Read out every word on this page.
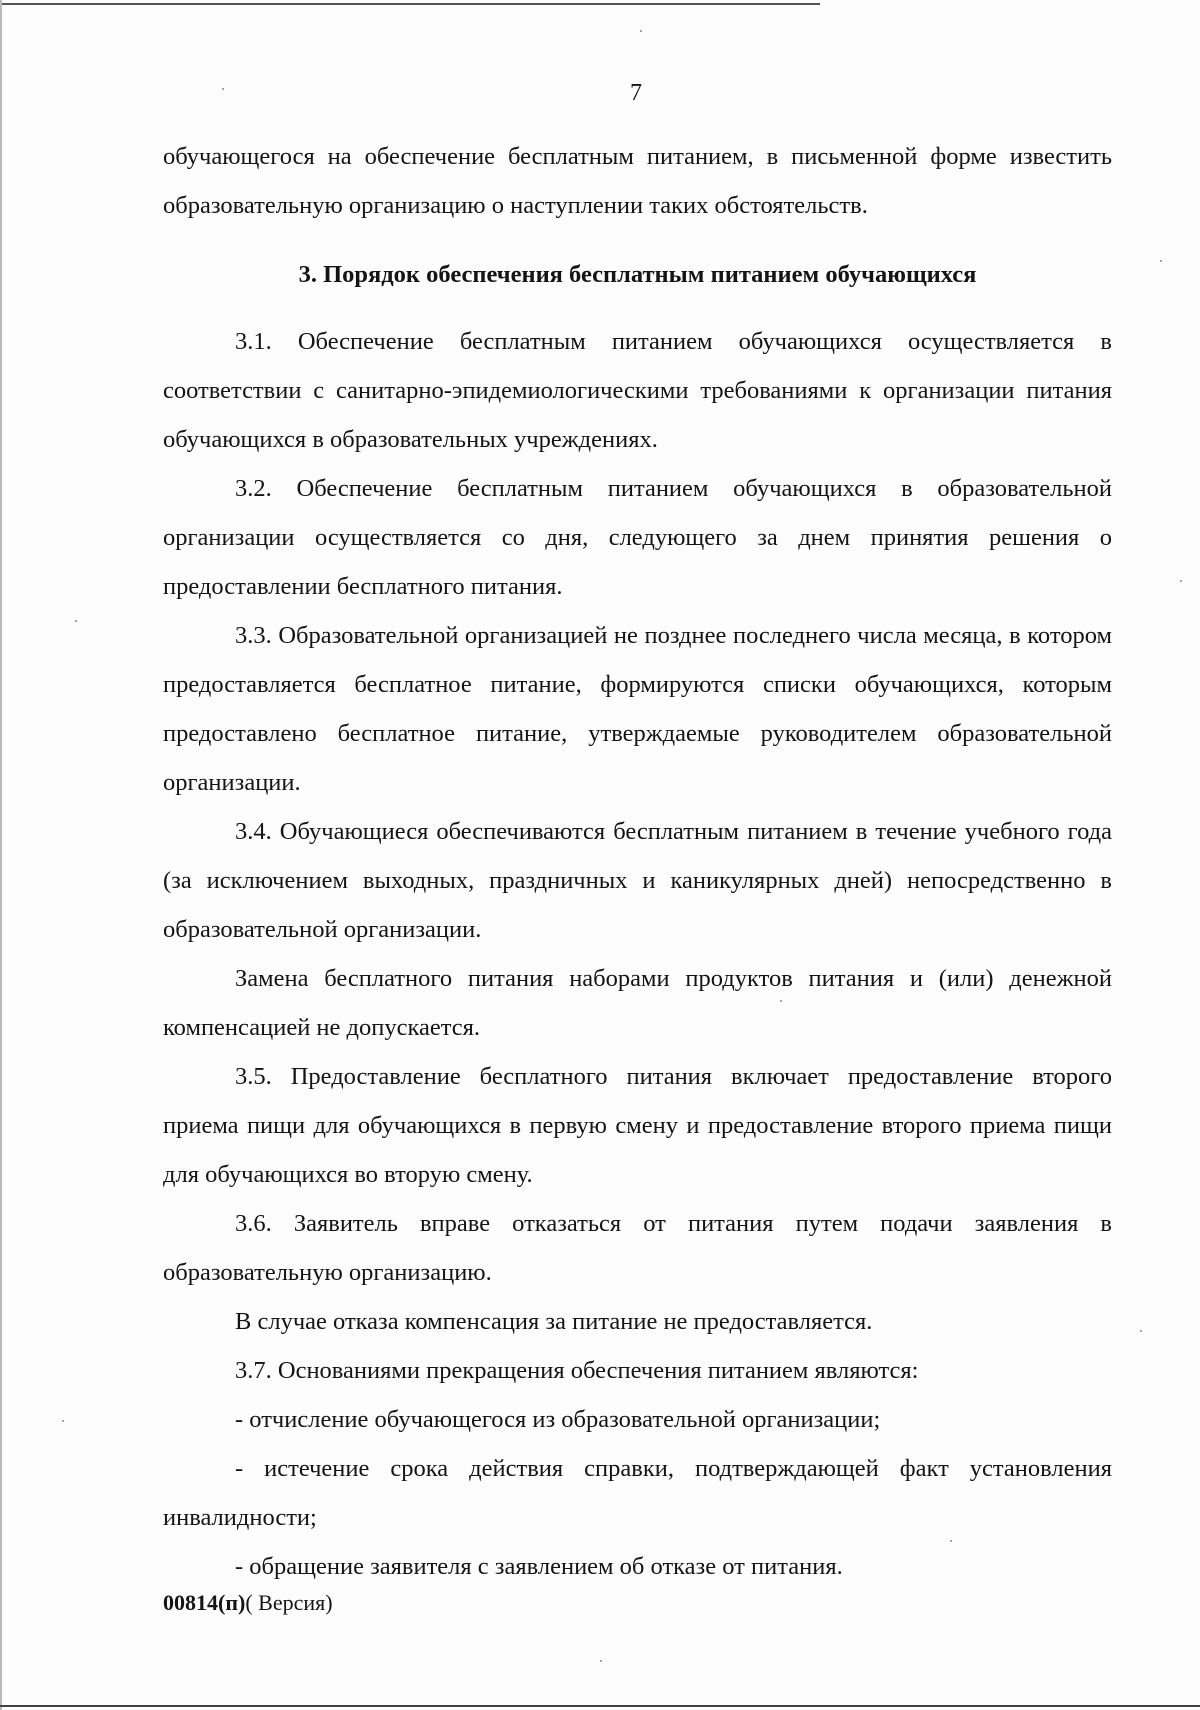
7

обучающегося на обеспечение бесплатным питанием, в письменной форме известить образовательную организацию о наступлении таких обстоятельств.

3. Порядок обеспечения бесплатным питанием обучающихся

3.1. Обеспечение бесплатным питанием обучающихся осуществляется в соответствии с санитарно-эпидемиологическими требованиями к организации питания обучающихся в образовательных учреждениях.

3.2. Обеспечение бесплатным питанием обучающихся в образовательной организации осуществляется со дня, следующего за днем принятия решения о предоставлении бесплатного питания.

3.3. Образовательной организацией не позднее последнего числа месяца, в котором предоставляется бесплатное питание, формируются списки обучающихся, которым предоставлено бесплатное питание, утверждаемые руководителем образовательной организации.

3.4. Обучающиеся обеспечиваются бесплатным питанием в течение учебного года (за исключением выходных, праздничных и каникулярных дней) непосредственно в образовательной организации.

Замена бесплатного питания наборами продуктов питания и (или) денежной компенсацией не допускается.

3.5. Предоставление бесплатного питания включает предоставление второго приема пищи для обучающихся в первую смену и предоставление второго приема пищи для обучающихся во вторую смену.

3.6. Заявитель вправе отказаться от питания путем подачи заявления в образовательную организацию.

В случае отказа компенсация за питание не предоставляется.

3.7. Основаниями прекращения обеспечения питанием являются:

- отчисление обучающегося из образовательной организации;

- истечение срока действия справки, подтверждающей факт установления инвалидности;

- обращение заявителя с заявлением об отказе от питания.

00814(п)( Версия)
